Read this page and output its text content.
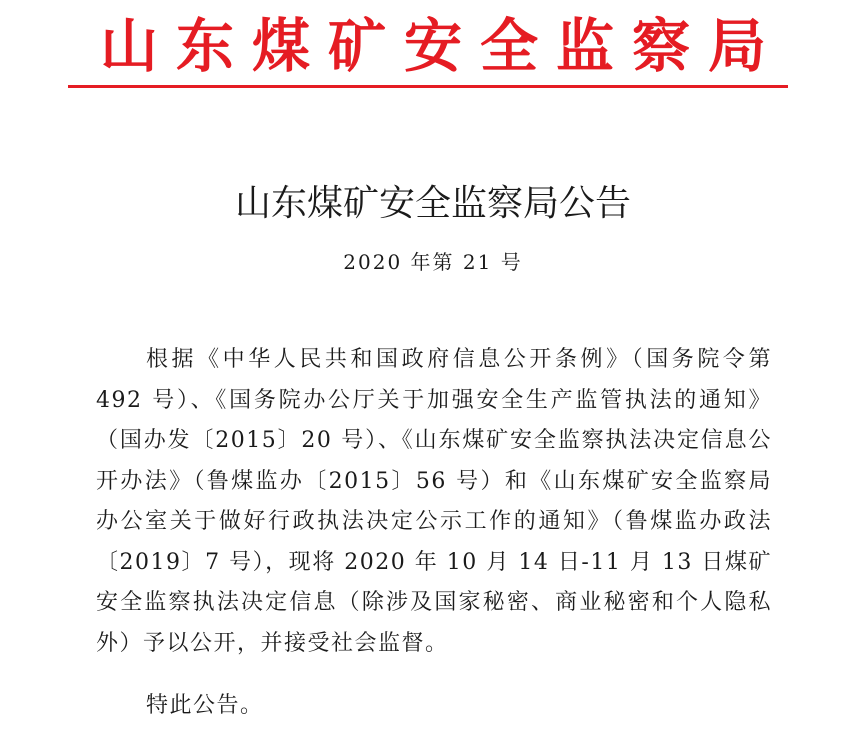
山东煤矿安全监察局
山东煤矿安全监察局公告
2020 年第 21 号

根据《中华人民共和国政府信息公开条例》（国务院令第 492 号）、《国务院办公厅关于加强安全生产监管执法的通知》（国办发〔2015〕20 号）、《山东煤矿安全监察执法决定信息公开办法》（鲁煤监办〔2015〕56 号）和《山东煤矿安全监察局办公室关于做好行政执法决定公示工作的通知》（鲁煤监办政法〔2019〕7 号），现将 2020 年 10 月 14 日-11 月 13 日煤矿安全监察执法决定信息（除涉及国家秘密、商业秘密和个人隐私外）予以公开，并接受社会监督。

特此公告。
